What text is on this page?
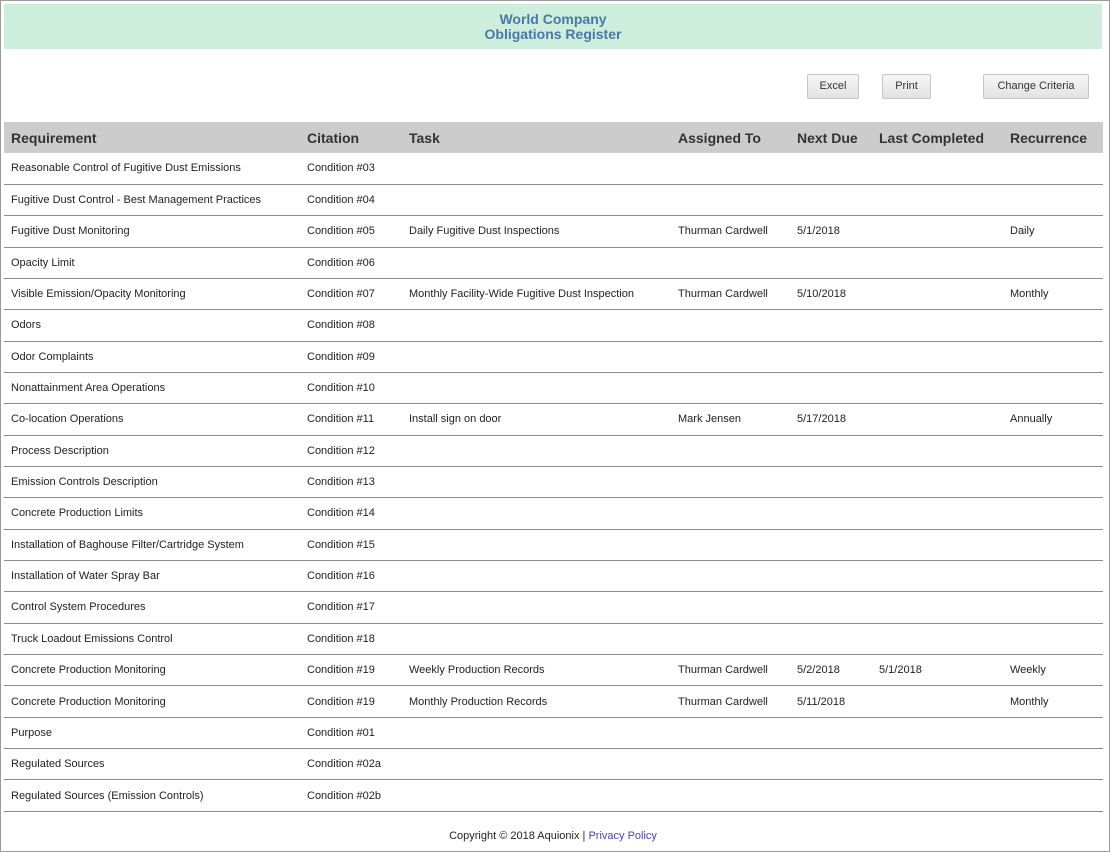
World Company
Obligations Register
Excel	Print	Change Criteria
Requirement	Citation	Task	Assigned To	Next Due	Last Completed	Recurrence
Reasonable Control of Fugitive Dust Emissions	Condition #03					
Fugitive Dust Control - Best Management Practices	Condition #04					
Fugitive Dust Monitoring	Condition #05	Daily Fugitive Dust Inspections	Thurman Cardwell	5/1/2018		Daily
Opacity Limit	Condition #06					
Visible Emission/Opacity Monitoring	Condition #07	Monthly Facility-Wide Fugitive Dust Inspection	Thurman Cardwell	5/10/2018		Monthly
Odors	Condition #08					
Odor Complaints	Condition #09					
Nonattainment Area Operations	Condition #10					
Co-location Operations	Condition #11	Install sign on door	Mark Jensen	5/17/2018		Annually
Process Description	Condition #12					
Emission Controls Description	Condition #13					
Concrete Production Limits	Condition #14					
Installation of Baghouse Filter/Cartridge System	Condition #15					
Installation of Water Spray Bar	Condition #16					
Control System Procedures	Condition #17					
Truck Loadout Emissions Control	Condition #18					
Concrete Production Monitoring	Condition #19	Weekly Production Records	Thurman Cardwell	5/2/2018	5/1/2018	Weekly
Concrete Production Monitoring	Condition #19	Monthly Production Records	Thurman Cardwell	5/11/2018		Monthly
Purpose	Condition #01					
Regulated Sources	Condition #02a					
Regulated Sources (Emission Controls)	Condition #02b					
Copyright © 2018 Aquionix | Privacy Policy
